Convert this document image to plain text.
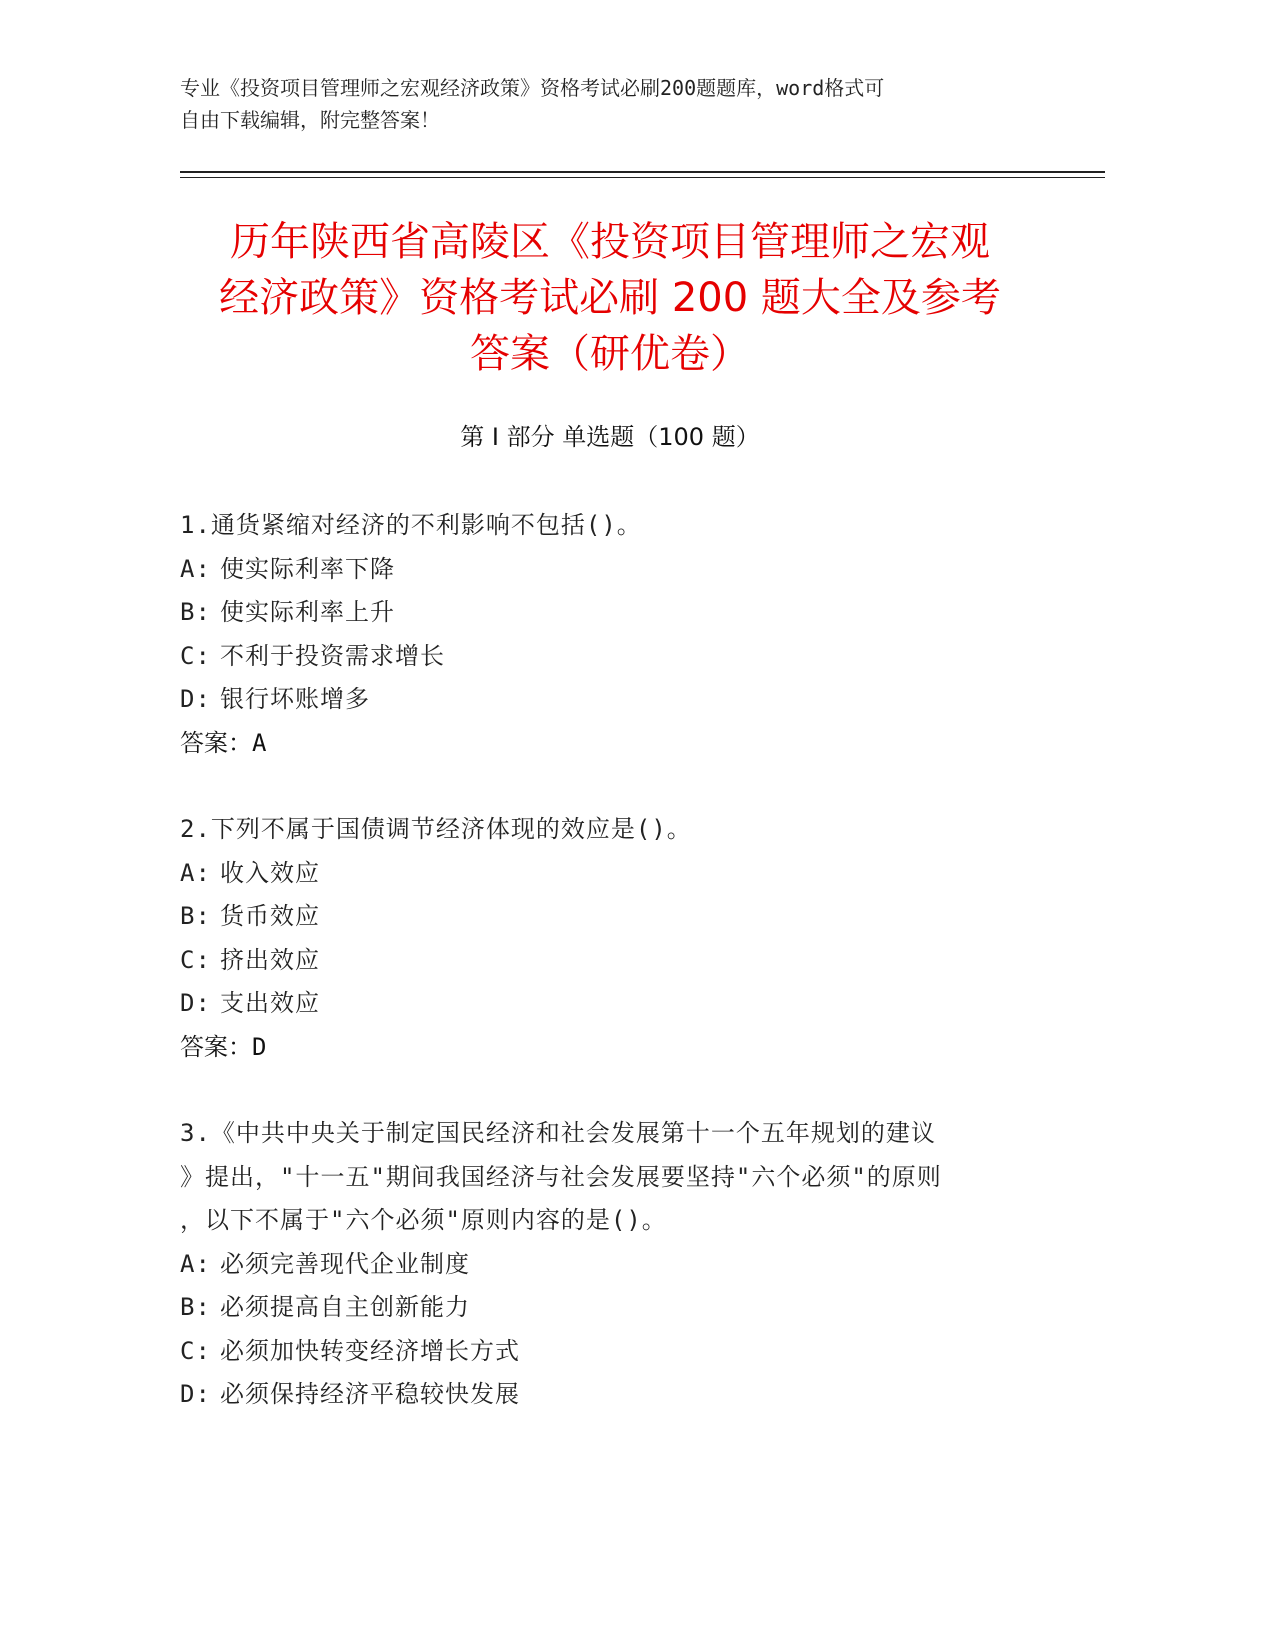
专业《投资项目管理师之宏观经济政策》资格考试必刷200题题库，word格式可
自由下载编辑，附完整答案！
历年陕西省高陵区《投资项目管理师之宏观
经济政策》资格考试必刷 200 题大全及参考
答案（研优卷）
第 I 部分 单选题（100 题）
1.通货紧缩对经济的不利影响不包括()。
A: 使实际利率下降
B: 使实际利率上升
C: 不利于投资需求增长
D: 银行坏账增多
答案：A
2.下列不属于国债调节经济体现的效应是()。
A: 收入效应
B: 货币效应
C: 挤出效应
D: 支出效应
答案：D
3.《中共中央关于制定国民经济和社会发展第十一个五年规划的建议
》提出，"十一五"期间我国经济与社会发展要坚持"六个必须"的原则
，以下不属于"六个必须"原则内容的是()。
A: 必须完善现代企业制度
B: 必须提高自主创新能力
C: 必须加快转变经济增长方式
D: 必须保持经济平稳较快发展
